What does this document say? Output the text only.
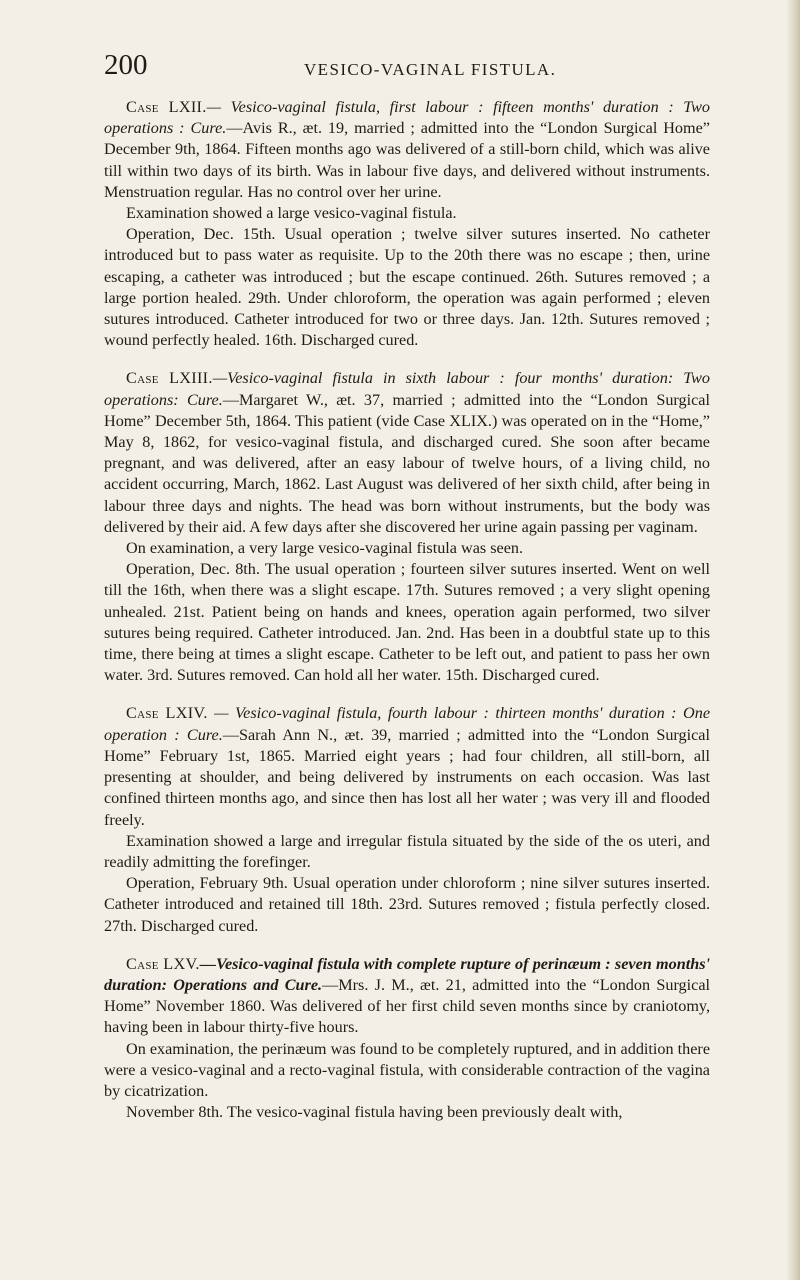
200	VESICO-VAGINAL FISTULA.

Case LXII.— Vesico-vaginal fistula, first labour : fifteen months' duration : Two operations : Cure.—Avis R., æt. 19, married ; admitted into the “London Surgical Home” December 9th, 1864. Fifteen months ago was delivered of a still-born child, which was alive till within two days of its birth. Was in labour five days, and delivered without instruments. Menstruation regular. Has no control over her urine.

Examination showed a large vesico-vaginal fistula.

Operation, Dec. 15th. Usual operation ; twelve silver sutures inserted. No catheter introduced but to pass water as requisite. Up to the 20th there was no escape ; then, urine escaping, a catheter was introduced ; but the escape continued. 26th. Sutures removed ; a large portion healed. 29th. Under chloroform, the operation was again performed ; eleven sutures introduced. Catheter introduced for two or three days. Jan. 12th. Sutures removed ; wound perfectly healed. 16th. Discharged cured.

Case LXIII.—Vesico-vaginal fistula in sixth labour : four months' duration: Two operations: Cure.—Margaret W., æt. 37, married ; admitted into the “London Surgical Home” December 5th, 1864. This patient (vide Case XLIX.) was operated on in the “Home,” May 8, 1862, for vesico-vaginal fistula, and discharged cured. She soon after became pregnant, and was delivered, after an easy labour of twelve hours, of a living child, no accident occurring, March, 1862. Last August was delivered of her sixth child, after being in labour three days and nights. The head was born without instruments, but the body was delivered by their aid. A few days after she discovered her urine again passing per vaginam.

On examination, a very large vesico-vaginal fistula was seen.

Operation, Dec. 8th. The usual operation ; fourteen silver sutures inserted. Went on well till the 16th, when there was a slight escape. 17th. Sutures removed ; a very slight opening unhealed. 21st. Patient being on hands and knees, operation again performed, two silver sutures being required. Catheter introduced. Jan. 2nd. Has been in a doubtful state up to this time, there being at times a slight escape. Catheter to be left out, and patient to pass her own water. 3rd. Sutures removed. Can hold all her water. 15th. Discharged cured.

Case LXIV. — Vesico-vaginal fistula, fourth labour : thirteen months' duration : One operation : Cure.—Sarah Ann N., æt. 39, married ; admitted into the “London Surgical Home” February 1st, 1865. Married eight years ; had four children, all still-born, all presenting at shoulder, and being delivered by instruments on each occasion. Was last confined thirteen months ago, and since then has lost all her water ; was very ill and flooded freely.

Examination showed a large and irregular fistula situated by the side of the os uteri, and readily admitting the forefinger.

Operation, February 9th. Usual operation under chloroform ; nine silver sutures inserted. Catheter introduced and retained till 18th. 23rd. Sutures removed ; fistula perfectly closed. 27th. Discharged cured.

Case LXV.—Vesico-vaginal fistula with complete rupture of perinæum : seven months' duration: Operations and Cure.—Mrs. J. M., æt. 21, admitted into the “London Surgical Home” November 1860. Was delivered of her first child seven months since by craniotomy, having been in labour thirty-five hours.

On examination, the perinæum was found to be completely ruptured, and in addition there were a vesico-vaginal and a recto-vaginal fistula, with considerable contraction of the vagina by cicatrization.

November 8th. The vesico-vaginal fistula having been previously dealt with,
